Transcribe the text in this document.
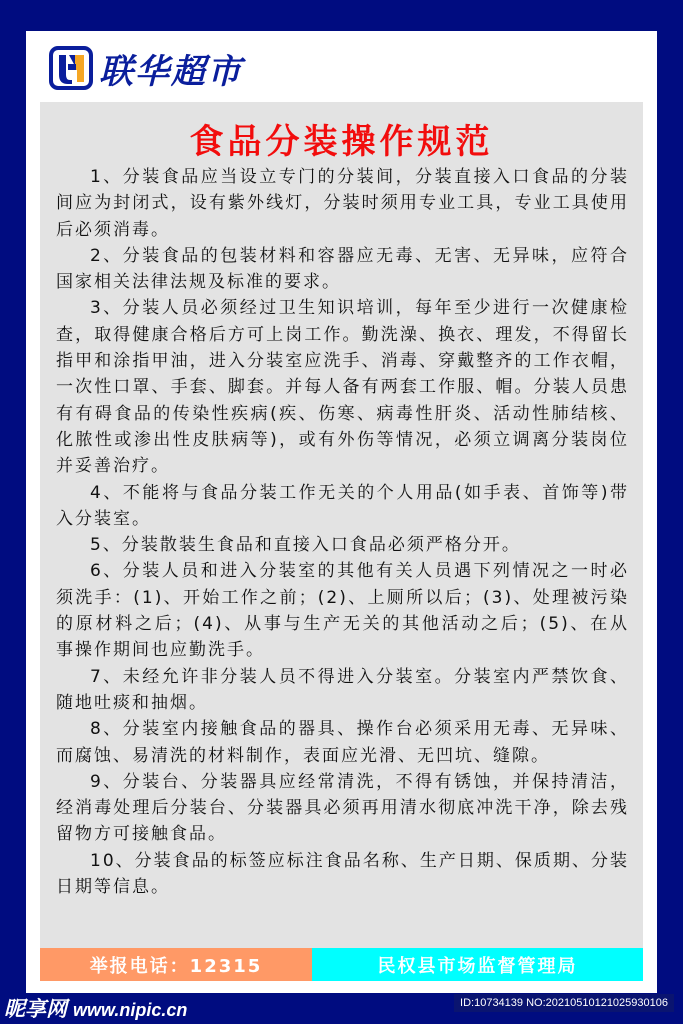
联华超市
食品分装操作规范

1、分装食品应当设立专门的分装间，分装直接入口食品的分装间应为封闭式，设有紫外线灯，分装时须用专业工具，专业工具使用后必须消毒。

2、分装食品的包装材料和容器应无毒、无害、无异味，应符合国家相关法律法规及标准的要求。

3、分装人员必须经过卫生知识培训，每年至少进行一次健康检查，取得健康合格后方可上岗工作。勤洗澡、换衣、理发，不得留长指甲和涂指甲油，进入分装室应洗手、消毒、穿戴整齐的工作衣帽，一次性口罩、手套、脚套。并每人备有两套工作服、帽。分装人员患有有碍食品的传染性疾病(疾、伤寒、病毒性肝炎、活动性肺结核、化脓性或渗出性皮肤病等)，或有外伤等情况，必须立调离分装岗位并妥善治疗。

4、不能将与食品分装工作无关的个人用品(如手表、首饰等)带入分装室。

5、分装散装生食品和直接入口食品必须严格分开。

6、分装人员和进入分装室的其他有关人员遇下列情况之一时必须洗手：(1)、开始工作之前；(2)、上厕所以后；(3)、处理被污染的原材料之后；(4)、从事与生产无关的其他活动之后；(5)、在从事操作期间也应勤洗手。

7、未经允许非分装人员不得进入分装室。分装室内严禁饮食、随地吐痰和抽烟。

8、分装室内接触食品的器具、操作台必须采用无毒、无异味、而腐蚀、易清洗的材料制作，表面应光滑、无凹坑、缝隙。

9、分装台、分装器具应经常清洗，不得有锈蚀，并保持清洁，经消毒处理后分装台、分装器具必须再用清水彻底冲洗干净，除去残留物方可接触食品。

10、分装食品的标签应标注食品名称、生产日期、保质期、分装日期等信息。

举报电话：12315	民权县市场监督管理局
昵享网 www.nipic.cn	ID:10734139 NO:20210510121025930106
